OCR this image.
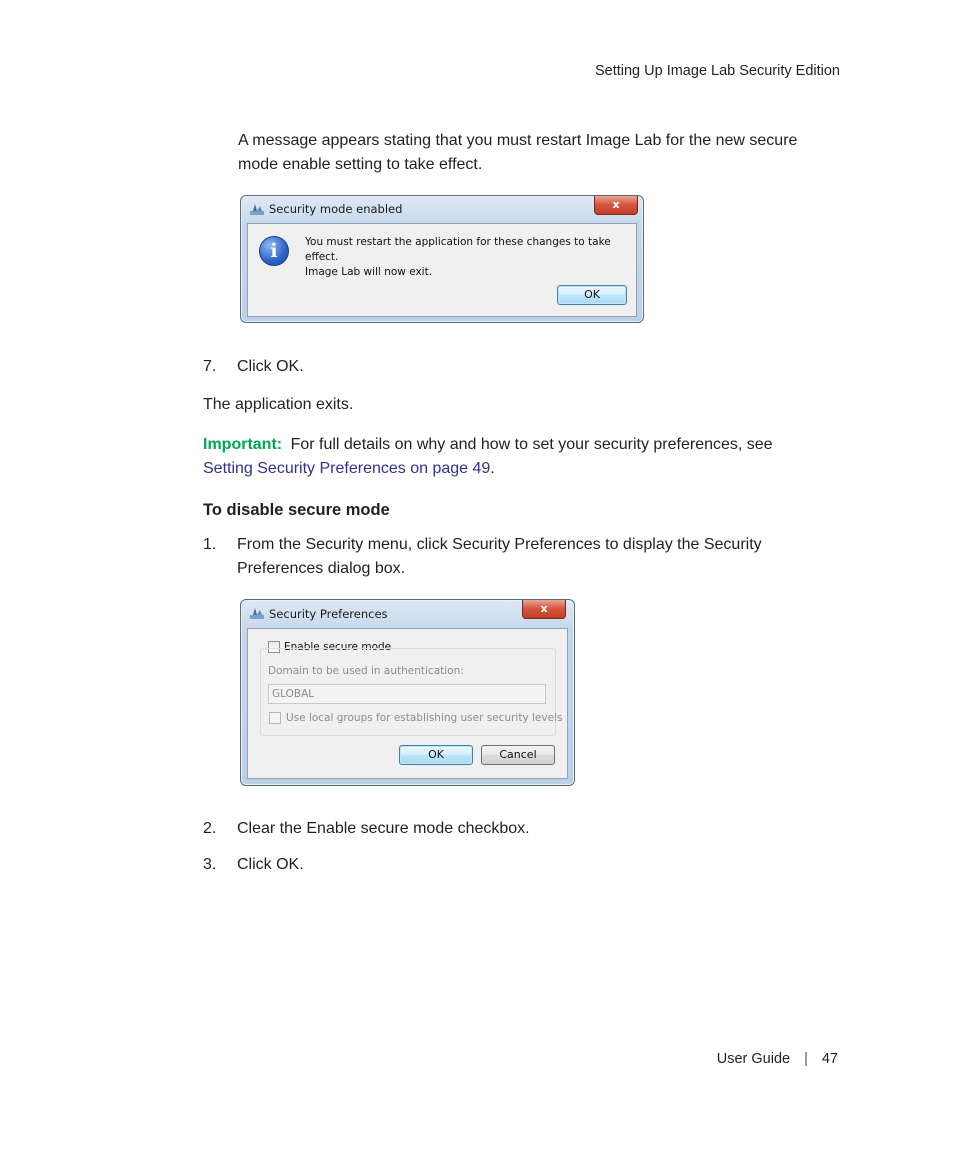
Setting Up Image Lab Security Edition
A message appears stating that you must restart Image Lab for the new secure
mode enable setting to take effect.
Security mode enabled	x
i	You must restart the application for these changes to take effect.
Image Lab will now exit.
OK
7. Click OK.
The application exits.
Important: For full details on why and how to set your security preferences, see
Setting Security Preferences on page 49.
To disable secure mode
1. From the Security menu, click Security Preferences to display the Security
Preferences dialog box.
Security Preferences	x
Enable secure mode
Domain to be used in authentication:
GLOBAL
Use local groups for establishing user security levels
OK	Cancel
2. Clear the Enable secure mode checkbox.
3. Click OK.
User Guide | 47
